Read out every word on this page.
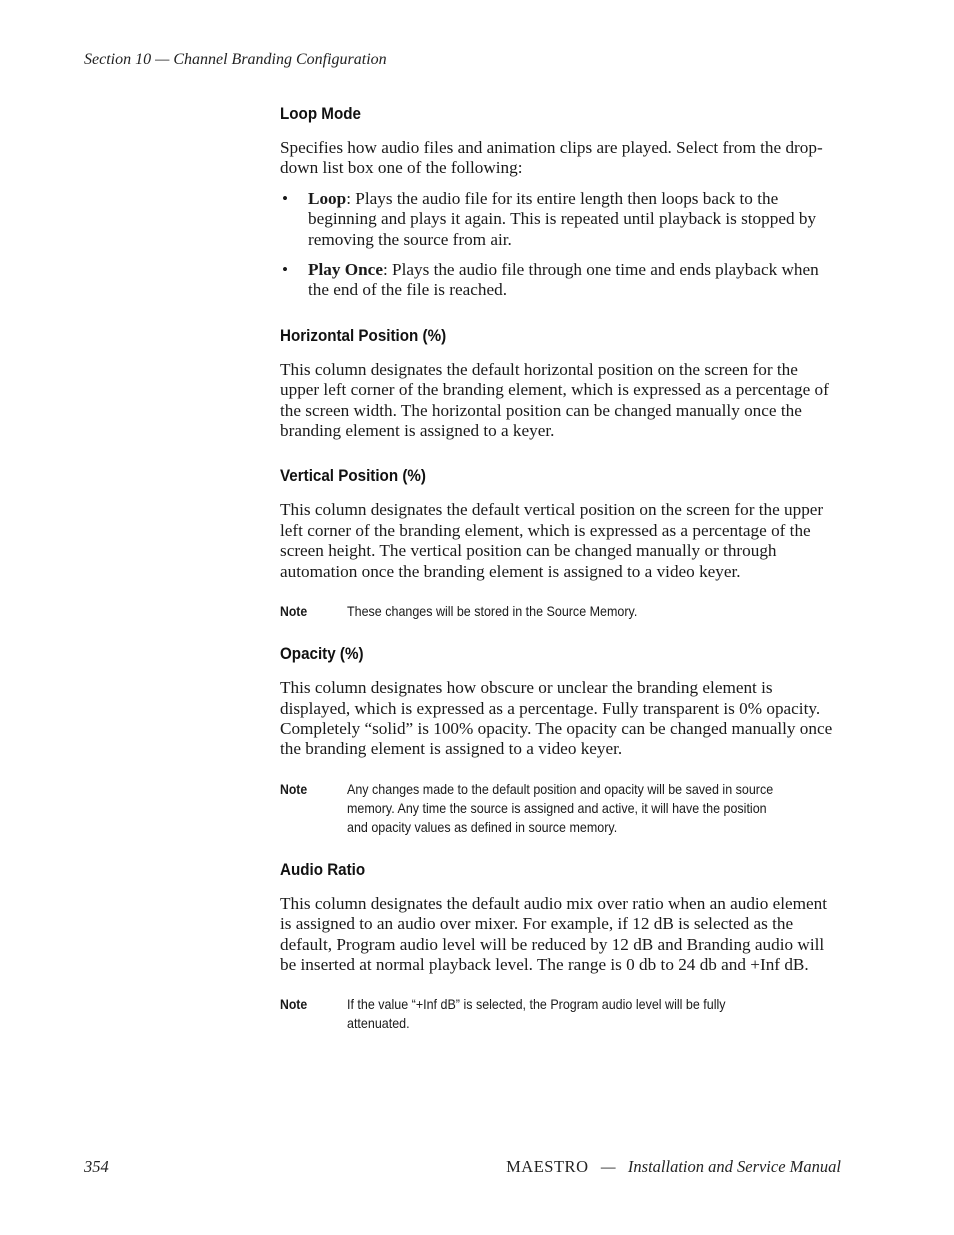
Section 10 — Channel Branding Configuration
Loop Mode

Specifies how audio files and animation clips are played. Select from the drop-down list box one of the following:

• Loop: Plays the audio file for its entire length then loops back to the beginning and plays it again. This is repeated until playback is stopped by removing the source from air.
• Play Once: Plays the audio file through one time and ends playback when the end of the file is reached.
Horizontal Position (%)

This column designates the default horizontal position on the screen for the upper left corner of the branding element, which is expressed as a percentage of the screen width. The horizontal position can be changed manually once the branding element is assigned to a keyer.

Vertical Position (%)

This column designates the default vertical position on the screen for the upper left corner of the branding element, which is expressed as a percentage of the screen height. The vertical position can be changed manually or through automation once the branding element is assigned to a video keyer.

Note	These changes will be stored in the Source Memory.
Opacity (%)

This column designates how obscure or unclear the branding element is displayed, which is expressed as a percentage. Fully transparent is 0% opacity. Completely “solid” is 100% opacity. The opacity can be changed manually once the branding element is assigned to a video keyer.

Note	Any changes made to the default position and opacity will be saved in source memory. Any time the source is assigned and active, it will have the position and opacity values as defined in source memory.
Audio Ratio

This column designates the default audio mix over ratio when an audio element is assigned to an audio over mixer. For example, if 12 dB is selected as the default, Program audio level will be reduced by 12 dB and Branding audio will be inserted at normal playback level. The range is 0 db to 24 db and +Inf dB.

Note	If the value “+Inf dB” is selected, the Program audio level will be fully attenuated.
354	MAESTRO — Installation and Service Manual
